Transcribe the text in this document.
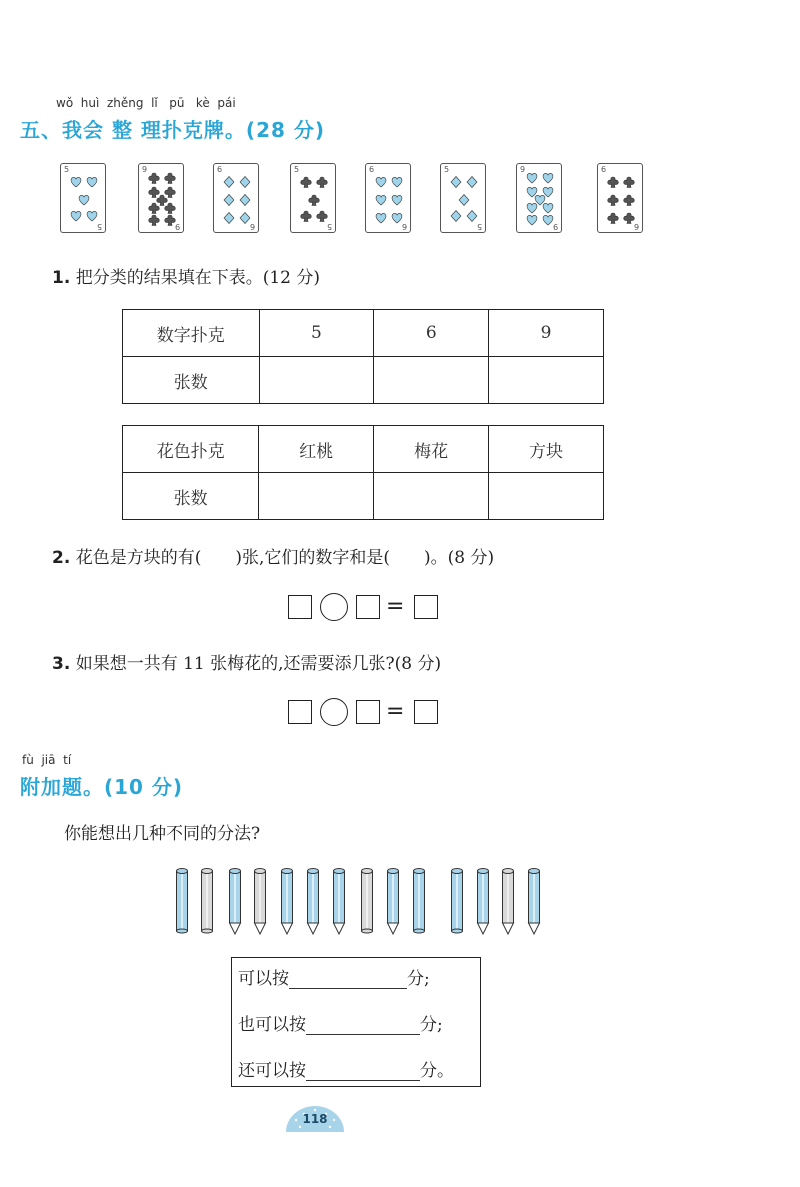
wǒ  huì  zhěng  lǐ   pū   kè  pái
五、我会 整 理扑克牌。(28 分)
5
5
9
9
6
6
5
5
6
6
5
5
9
9
6
6
1. 把分类的结果填在下表。(12 分)
数字扑克	5	6	9
张数			
花色扑克	红桃	梅花	方块
张数			
2. 花色是方块的有(　　)张,它们的数字和是(　　)。(8 分)
=
3. 如果想一共有 11 张梅花的,还需要添几张?(8 分)
=
fù  jiā  tí
附加题。(10 分)
你能想出几种不同的分法?
可以按	分;
也可以按	分;
还可以按	分。
118
